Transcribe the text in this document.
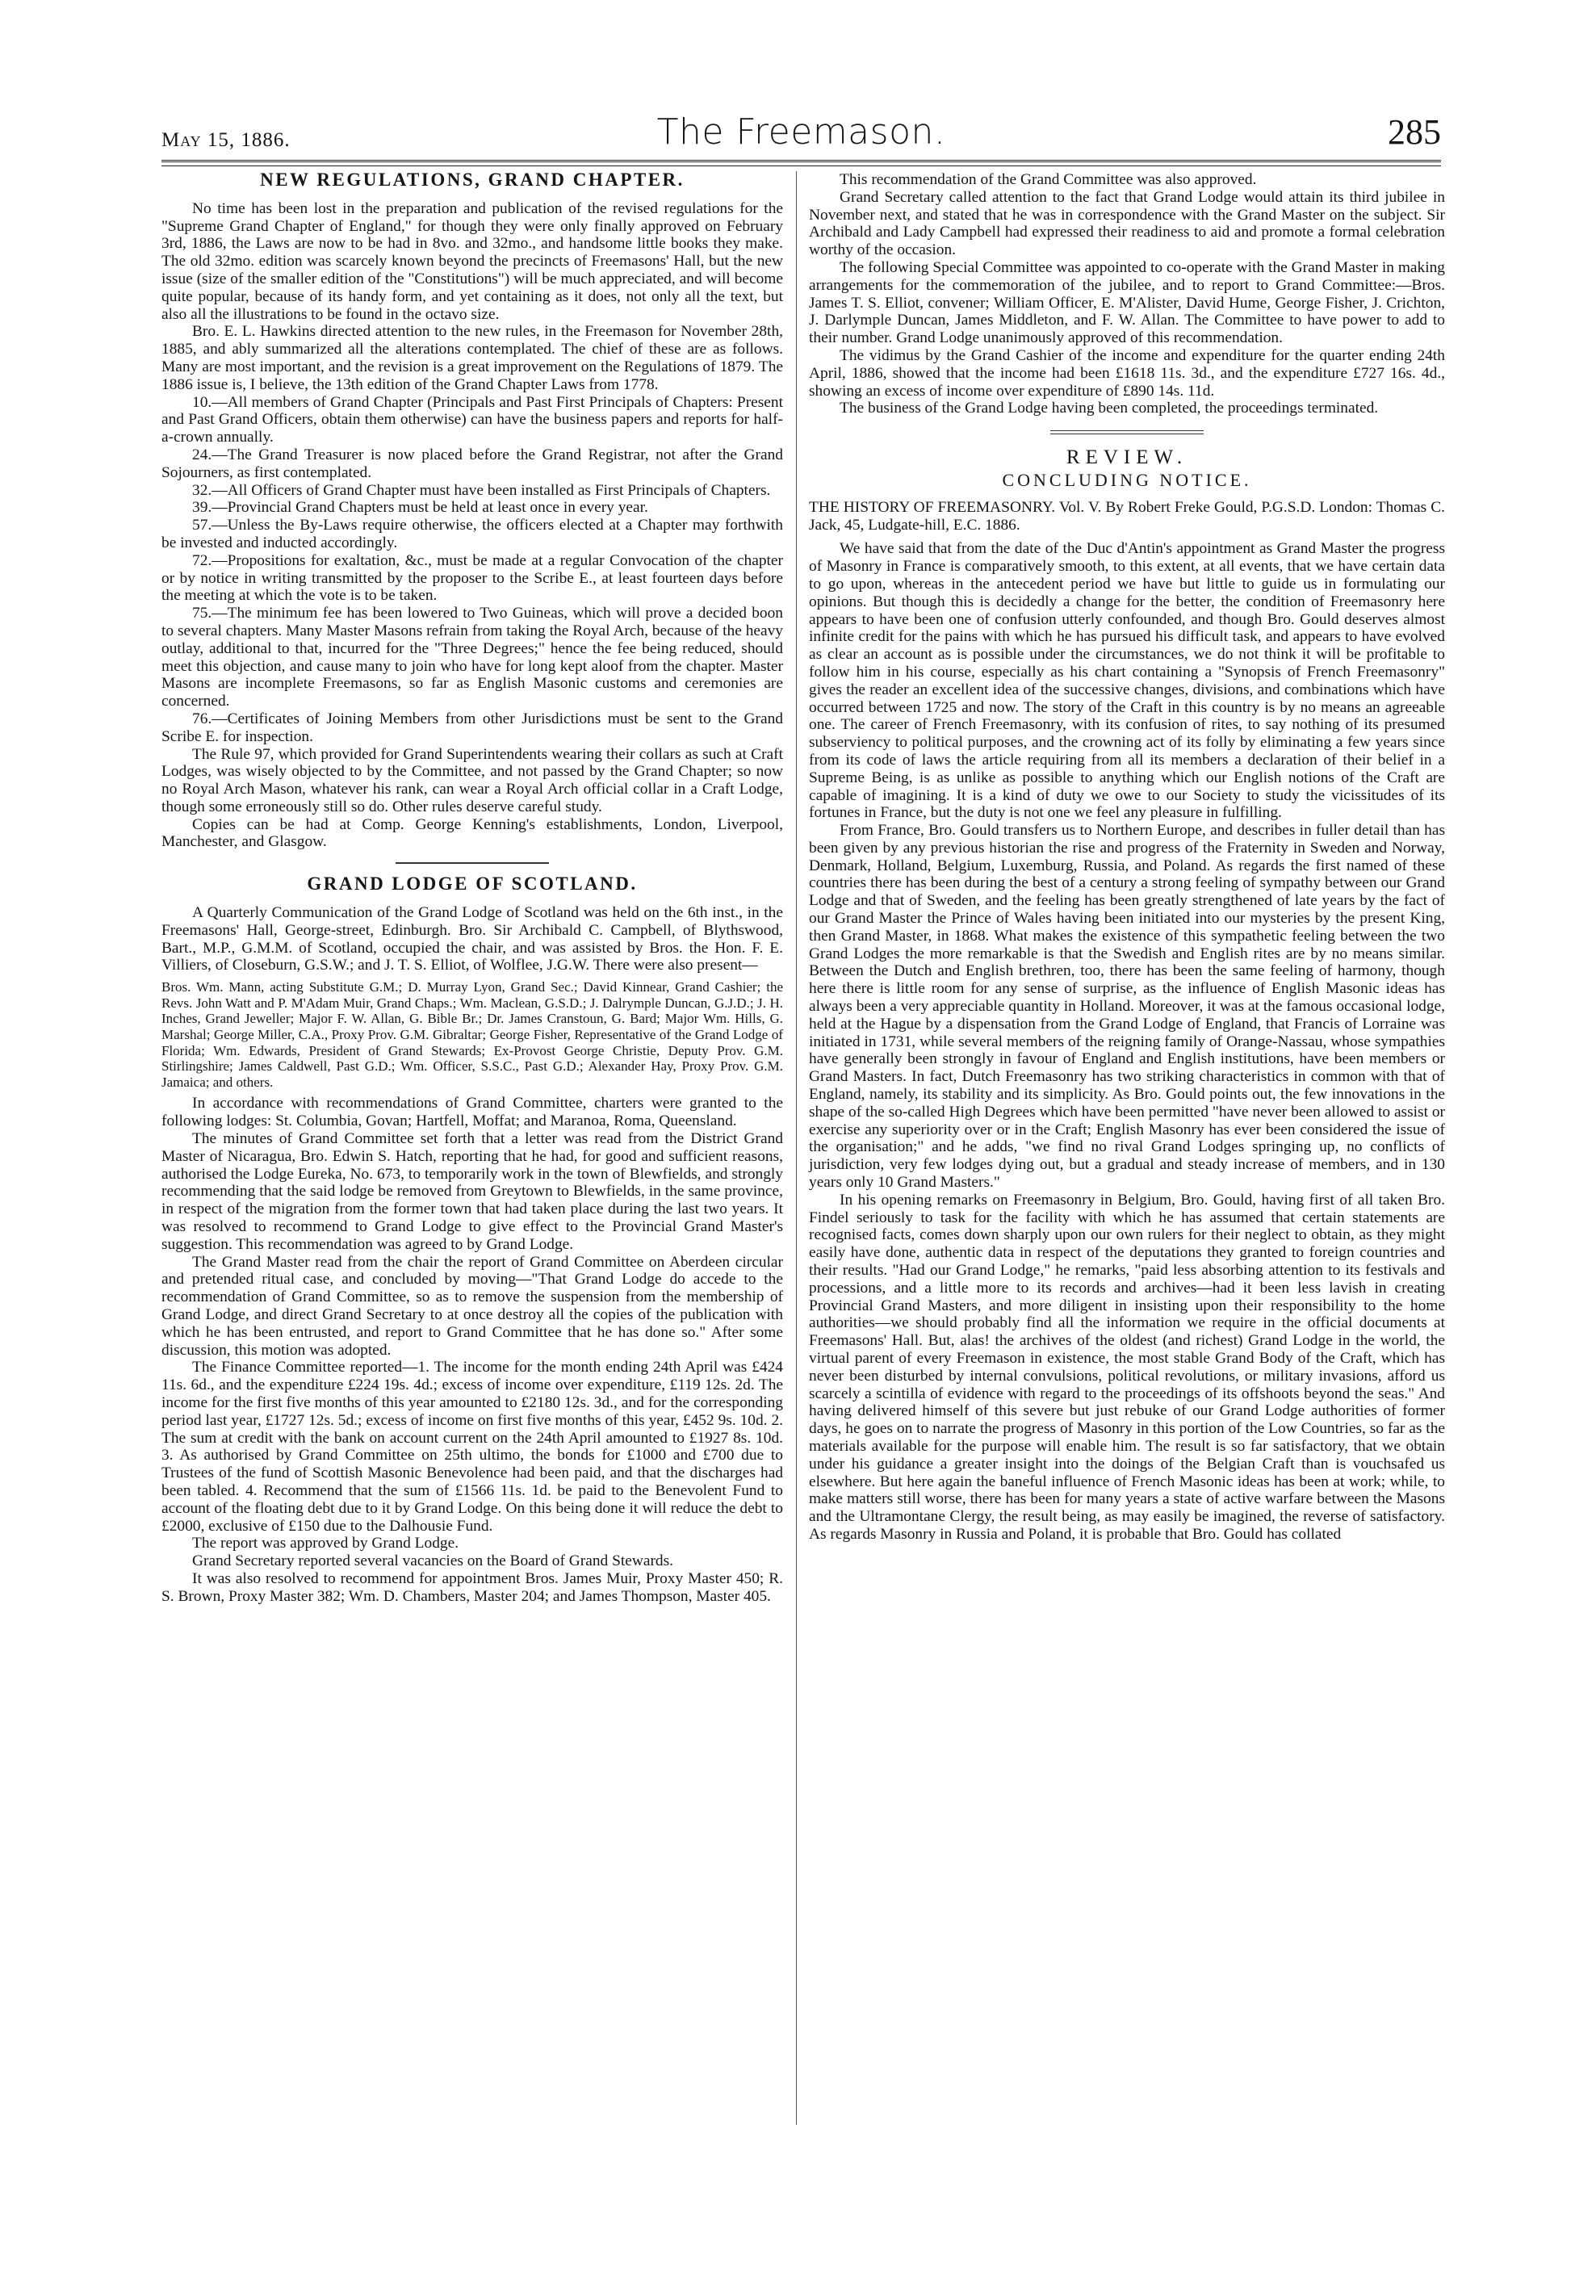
May 15, 1886.	The Freemason.	285
NEW REGULATIONS, GRAND CHAPTER.

No time has been lost in the preparation and publication of the revised regulations for the "Supreme Grand Chapter of England," for though they were only finally approved on February 3rd, 1886, the Laws are now to be had in 8vo. and 32mo., and handsome little books they make. The old 32mo. edition was scarcely known beyond the precincts of Freemasons' Hall, but the new issue (size of the smaller edition of the "Constitutions") will be much appreciated, and will become quite popular, because of its handy form, and yet containing as it does, not only all the text, but also all the illustrations to be found in the octavo size.

Bro. E. L. Hawkins directed attention to the new rules, in the Freemason for November 28th, 1885, and ably summarized all the alterations contemplated. The chief of these are as follows. Many are most important, and the revision is a great improvement on the Regulations of 1879. The 1886 issue is, I believe, the 13th edition of the Grand Chapter Laws from 1778.

10.—All members of Grand Chapter (Principals and Past First Principals of Chapters: Present and Past Grand Officers, obtain them otherwise) can have the business papers and reports for half-a-crown annually.

24.—The Grand Treasurer is now placed before the Grand Registrar, not after the Grand Sojourners, as first contemplated.

32.—All Officers of Grand Chapter must have been installed as First Principals of Chapters.

39.—Provincial Grand Chapters must be held at least once in every year.

57.—Unless the By-Laws require otherwise, the officers elected at a Chapter may forthwith be invested and inducted accordingly.

72.—Propositions for exaltation, &c., must be made at a regular Convocation of the chapter or by notice in writing transmitted by the proposer to the Scribe E., at least fourteen days before the meeting at which the vote is to be taken.

75.—The minimum fee has been lowered to Two Guineas, which will prove a decided boon to several chapters. Many Master Masons refrain from taking the Royal Arch, because of the heavy outlay, additional to that, incurred for the "Three Degrees;" hence the fee being reduced, should meet this objection, and cause many to join who have for long kept aloof from the chapter. Master Masons are incomplete Freemasons, so far as English Masonic customs and ceremonies are concerned.

76.—Certificates of Joining Members from other Jurisdictions must be sent to the Grand Scribe E. for inspection.

The Rule 97, which provided for Grand Superintendents wearing their collars as such at Craft Lodges, was wisely objected to by the Committee, and not passed by the Grand Chapter; so now no Royal Arch Mason, whatever his rank, can wear a Royal Arch official collar in a Craft Lodge, though some erroneously still so do. Other rules deserve careful study.

Copies can be had at Comp. George Kenning's establishments, London, Liverpool, Manchester, and Glasgow.

GRAND LODGE OF SCOTLAND.

A Quarterly Communication of the Grand Lodge of Scotland was held on the 6th inst., in the Freemasons' Hall, George-street, Edinburgh. Bro. Sir Archibald C. Campbell, of Blythswood, Bart., M.P., G.M.M. of Scotland, occupied the chair, and was assisted by Bros. the Hon. F. E. Villiers, of Closeburn, G.S.W.; and J. T. S. Elliot, of Wolflee, J.G.W. There were also present—

Bros. Wm. Mann, acting Substitute G.M.; D. Murray Lyon, Grand Sec.; David Kinnear, Grand Cashier; the Revs. John Watt and P. M'Adam Muir, Grand Chaps.; Wm. Maclean, G.S.D.; J. Dalrymple Duncan, G.J.D.; J. H. Inches, Grand Jeweller; Major F. W. Allan, G. Bible Br.; Dr. James Cranstoun, G. Bard; Major Wm. Hills, G. Marshal; George Miller, C.A., Proxy Prov. G.M. Gibraltar; George Fisher, Representative of the Grand Lodge of Florida; Wm. Edwards, President of Grand Stewards; Ex-Provost George Christie, Deputy Prov. G.M. Stirlingshire; James Caldwell, Past G.D.; Wm. Officer, S.S.C., Past G.D.; Alexander Hay, Proxy Prov. G.M. Jamaica; and others.

In accordance with recommendations of Grand Committee, charters were granted to the following lodges: St. Columbia, Govan; Hartfell, Moffat; and Maranoa, Roma, Queensland.

The minutes of Grand Committee set forth that a letter was read from the District Grand Master of Nicaragua, Bro. Edwin S. Hatch, reporting that he had, for good and sufficient reasons, authorised the Lodge Eureka, No. 673, to temporarily work in the town of Blewfields, and strongly recommending that the said lodge be removed from Greytown to Blewfields, in the same province, in respect of the migration from the former town that had taken place during the last two years. It was resolved to recommend to Grand Lodge to give effect to the Provincial Grand Master's suggestion. This recommendation was agreed to by Grand Lodge.

The Grand Master read from the chair the report of Grand Committee on Aberdeen circular and pretended ritual case, and concluded by moving—"That Grand Lodge do accede to the recommendation of Grand Committee, so as to remove the suspension from the membership of Grand Lodge, and direct Grand Secretary to at once destroy all the copies of the publication with which he has been entrusted, and report to Grand Committee that he has done so." After some discussion, this motion was adopted.

The Finance Committee reported—1. The income for the month ending 24th April was £424 11s. 6d., and the expenditure £224 19s. 4d.; excess of income over expenditure, £119 12s. 2d. The income for the first five months of this year amounted to £2180 12s. 3d., and for the corresponding period last year, £1727 12s. 5d.; excess of income on first five months of this year, £452 9s. 10d. 2. The sum at credit with the bank on account current on the 24th April amounted to £1927 8s. 10d. 3. As authorised by Grand Committee on 25th ultimo, the bonds for £1000 and £700 due to Trustees of the fund of Scottish Masonic Benevolence had been paid, and that the discharges had been tabled. 4. Recommend that the sum of £1566 11s. 1d. be paid to the Benevolent Fund to account of the floating debt due to it by Grand Lodge. On this being done it will reduce the debt to £2000, exclusive of £150 due to the Dalhousie Fund.

The report was approved by Grand Lodge.

Grand Secretary reported several vacancies on the Board of Grand Stewards.

It was also resolved to recommend for appointment Bros. James Muir, Proxy Master 450; R. S. Brown, Proxy Master 382; Wm. D. Chambers, Master 204; and James Thompson, Master 405.

This recommendation of the Grand Committee was also approved.

Grand Secretary called attention to the fact that Grand Lodge would attain its third jubilee in November next, and stated that he was in correspondence with the Grand Master on the subject. Sir Archibald and Lady Campbell had expressed their readiness to aid and promote a formal celebration worthy of the occasion.

The following Special Committee was appointed to co-operate with the Grand Master in making arrangements for the commemoration of the jubilee, and to report to Grand Committee:—Bros. James T. S. Elliot, convener; William Officer, E. M'Alister, David Hume, George Fisher, J. Crichton, J. Darlymple Duncan, James Middleton, and F. W. Allan. The Committee to have power to add to their number. Grand Lodge unanimously approved of this recommendation.

The vidimus by the Grand Cashier of the income and expenditure for the quarter ending 24th April, 1886, showed that the income had been £1618 11s. 3d., and the expenditure £727 16s. 4d., showing an excess of income over expenditure of £890 14s. 11d.

The business of the Grand Lodge having been completed, the proceedings terminated.

REVIEW.
CONCLUDING NOTICE.

THE HISTORY OF FREEMASONRY. Vol. V. By Robert Freke Gould, P.G.S.D. London: Thomas C. Jack, 45, Ludgate-hill, E.C. 1886.

We have said that from the date of the Duc d'Antin's appointment as Grand Master the progress of Masonry in France is comparatively smooth, to this extent, at all events, that we have certain data to go upon, whereas in the antecedent period we have but little to guide us in formulating our opinions. But though this is decidedly a change for the better, the condition of Freemasonry here appears to have been one of confusion utterly confounded, and though Bro. Gould deserves almost infinite credit for the pains with which he has pursued his difficult task, and appears to have evolved as clear an account as is possible under the circumstances, we do not think it will be profitable to follow him in his course, especially as his chart containing a "Synopsis of French Freemasonry" gives the reader an excellent idea of the successive changes, divisions, and combinations which have occurred between 1725 and now. The story of the Craft in this country is by no means an agreeable one. The career of French Freemasonry, with its confusion of rites, to say nothing of its presumed subserviency to political purposes, and the crowning act of its folly by eliminating a few years since from its code of laws the article requiring from all its members a declaration of their belief in a Supreme Being, is as unlike as possible to anything which our English notions of the Craft are capable of imagining. It is a kind of duty we owe to our Society to study the vicissitudes of its fortunes in France, but the duty is not one we feel any pleasure in fulfilling.

From France, Bro. Gould transfers us to Northern Europe, and describes in fuller detail than has been given by any previous historian the rise and progress of the Fraternity in Sweden and Norway, Denmark, Holland, Belgium, Luxemburg, Russia, and Poland. As regards the first named of these countries there has been during the best of a century a strong feeling of sympathy between our Grand Lodge and that of Sweden, and the feeling has been greatly strengthened of late years by the fact of our Grand Master the Prince of Wales having been initiated into our mysteries by the present King, then Grand Master, in 1868. What makes the existence of this sympathetic feeling between the two Grand Lodges the more remarkable is that the Swedish and English rites are by no means similar. Between the Dutch and English brethren, too, there has been the same feeling of harmony, though here there is little room for any sense of surprise, as the influence of English Masonic ideas has always been a very appreciable quantity in Holland. Moreover, it was at the famous occasional lodge, held at the Hague by a dispensation from the Grand Lodge of England, that Francis of Lorraine was initiated in 1731, while several members of the reigning family of Orange-Nassau, whose sympathies have generally been strongly in favour of England and English institutions, have been members or Grand Masters. In fact, Dutch Freemasonry has two striking characteristics in common with that of England, namely, its stability and its simplicity. As Bro. Gould points out, the few innovations in the shape of the so-called High Degrees which have been permitted "have never been allowed to assist or exercise any superiority over or in the Craft; English Masonry has ever been considered the issue of the organisation;" and he adds, "we find no rival Grand Lodges springing up, no conflicts of jurisdiction, very few lodges dying out, but a gradual and steady increase of members, and in 130 years only 10 Grand Masters."

In his opening remarks on Freemasonry in Belgium, Bro. Gould, having first of all taken Bro. Findel seriously to task for the facility with which he has assumed that certain statements are recognised facts, comes down sharply upon our own rulers for their neglect to obtain, as they might easily have done, authentic data in respect of the deputations they granted to foreign countries and their results. "Had our Grand Lodge," he remarks, "paid less absorbing attention to its festivals and processions, and a little more to its records and archives—had it been less lavish in creating Provincial Grand Masters, and more diligent in insisting upon their responsibility to the home authorities—we should probably find all the information we require in the official documents at Freemasons' Hall. But, alas! the archives of the oldest (and richest) Grand Lodge in the world, the virtual parent of every Freemason in existence, the most stable Grand Body of the Craft, which has never been disturbed by internal convulsions, political revolutions, or military invasions, afford us scarcely a scintilla of evidence with regard to the proceedings of its offshoots beyond the seas." And having delivered himself of this severe but just rebuke of our Grand Lodge authorities of former days, he goes on to narrate the progress of Masonry in this portion of the Low Countries, so far as the materials available for the purpose will enable him. The result is so far satisfactory, that we obtain under his guidance a greater insight into the doings of the Belgian Craft than is vouchsafed us elsewhere. But here again the baneful influence of French Masonic ideas has been at work; while, to make matters still worse, there has been for many years a state of active warfare between the Masons and the Ultramontane Clergy, the result being, as may easily be imagined, the reverse of satisfactory. As regards Masonry in Russia and Poland, it is probable that Bro. Gould has collated
